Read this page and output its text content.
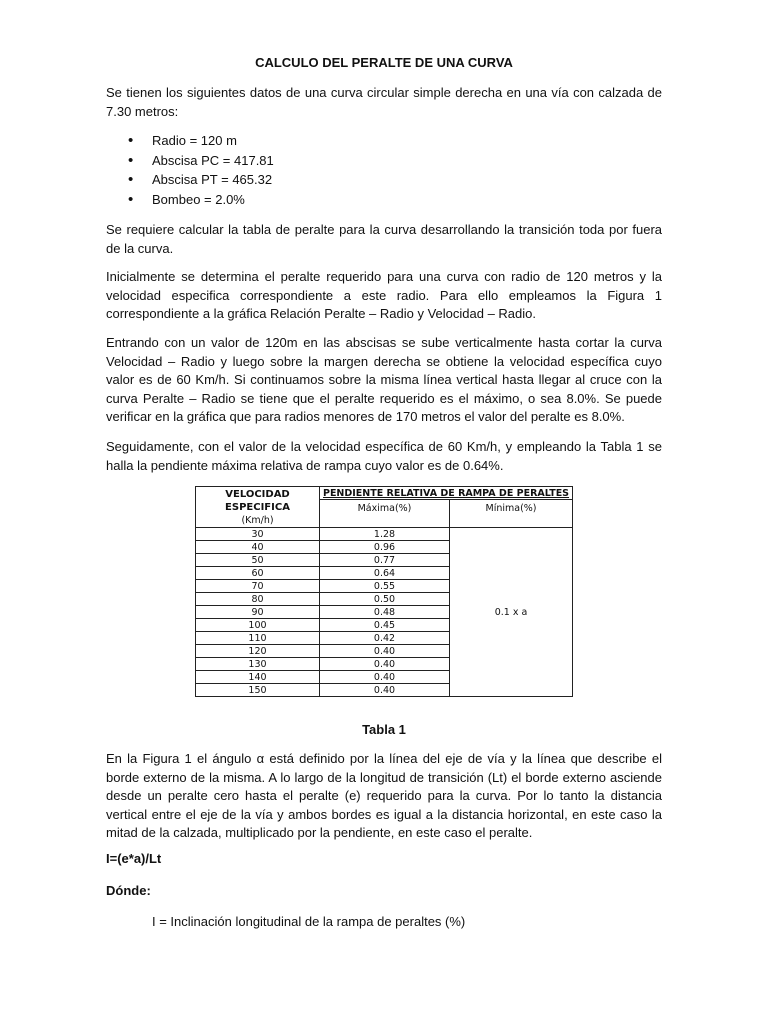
CALCULO DEL PERALTE DE UNA CURVA

Se tienen los siguientes datos de una curva circular simple derecha en una vía con calzada de 7.30 metros:

• Radio = 120 m
• Abscisa PC = 417.81
• Abscisa PT = 465.32
• Bombeo = 2.0%

Se requiere calcular la tabla de peralte para la curva desarrollando la transición toda por fuera de la curva.

Inicialmente se determina el peralte requerido para una curva con radio de 120 metros y la velocidad especifica correspondiente a este radio. Para ello empleamos la Figura 1 correspondiente a la gráfica Relación Peralte – Radio y Velocidad – Radio.

Entrando con un valor de 120m en las abscisas se sube verticalmente hasta cortar la curva Velocidad – Radio y luego sobre la margen derecha se obtiene la velocidad específica cuyo valor es de 60 Km/h. Si continuamos sobre la misma línea vertical hasta llegar al cruce con la curva Peralte – Radio se tiene que el peralte requerido es el máximo, o sea 8.0%. Se puede verificar en la gráfica que para radios menores de 170 metros el valor del peralte es 8.0%.

Seguidamente, con el valor de la velocidad específica de 60 Km/h, y empleando la Tabla 1 se halla la pendiente máxima relativa de rampa cuyo valor es de 0.64%.

VELOCIDAD
ESPECIFICA
(Km/h)	PENDIENTE RELATIVA DE RAMPA DE PERALTES	
	Máxima(%)	Mínima(%)
30	1.28	0.1 x a
40	0.96	
50	0.77	
60	0.64	
70	0.55	
80	0.50	
90	0.48	
100	0.45	
110	0.42	
120	0.40	
130	0.40	
140	0.40	
150	0.40	
Tabla 1

En la Figura 1 el ángulo α está definido por la línea del eje de vía y la línea que describe el borde externo de la misma. A lo largo de la longitud de transición (Lt) el borde externo asciende desde un peralte cero hasta el peralte (e) requerido para la curva. Por lo tanto la distancia vertical entre el eje de la vía y ambos bordes es igual a la distancia horizontal, en este caso la mitad de la calzada, multiplicado por la pendiente, en este caso el peralte.

I=(e*a)/Lt

Dónde:

I = Inclinación longitudinal de la rampa de peraltes (%)
